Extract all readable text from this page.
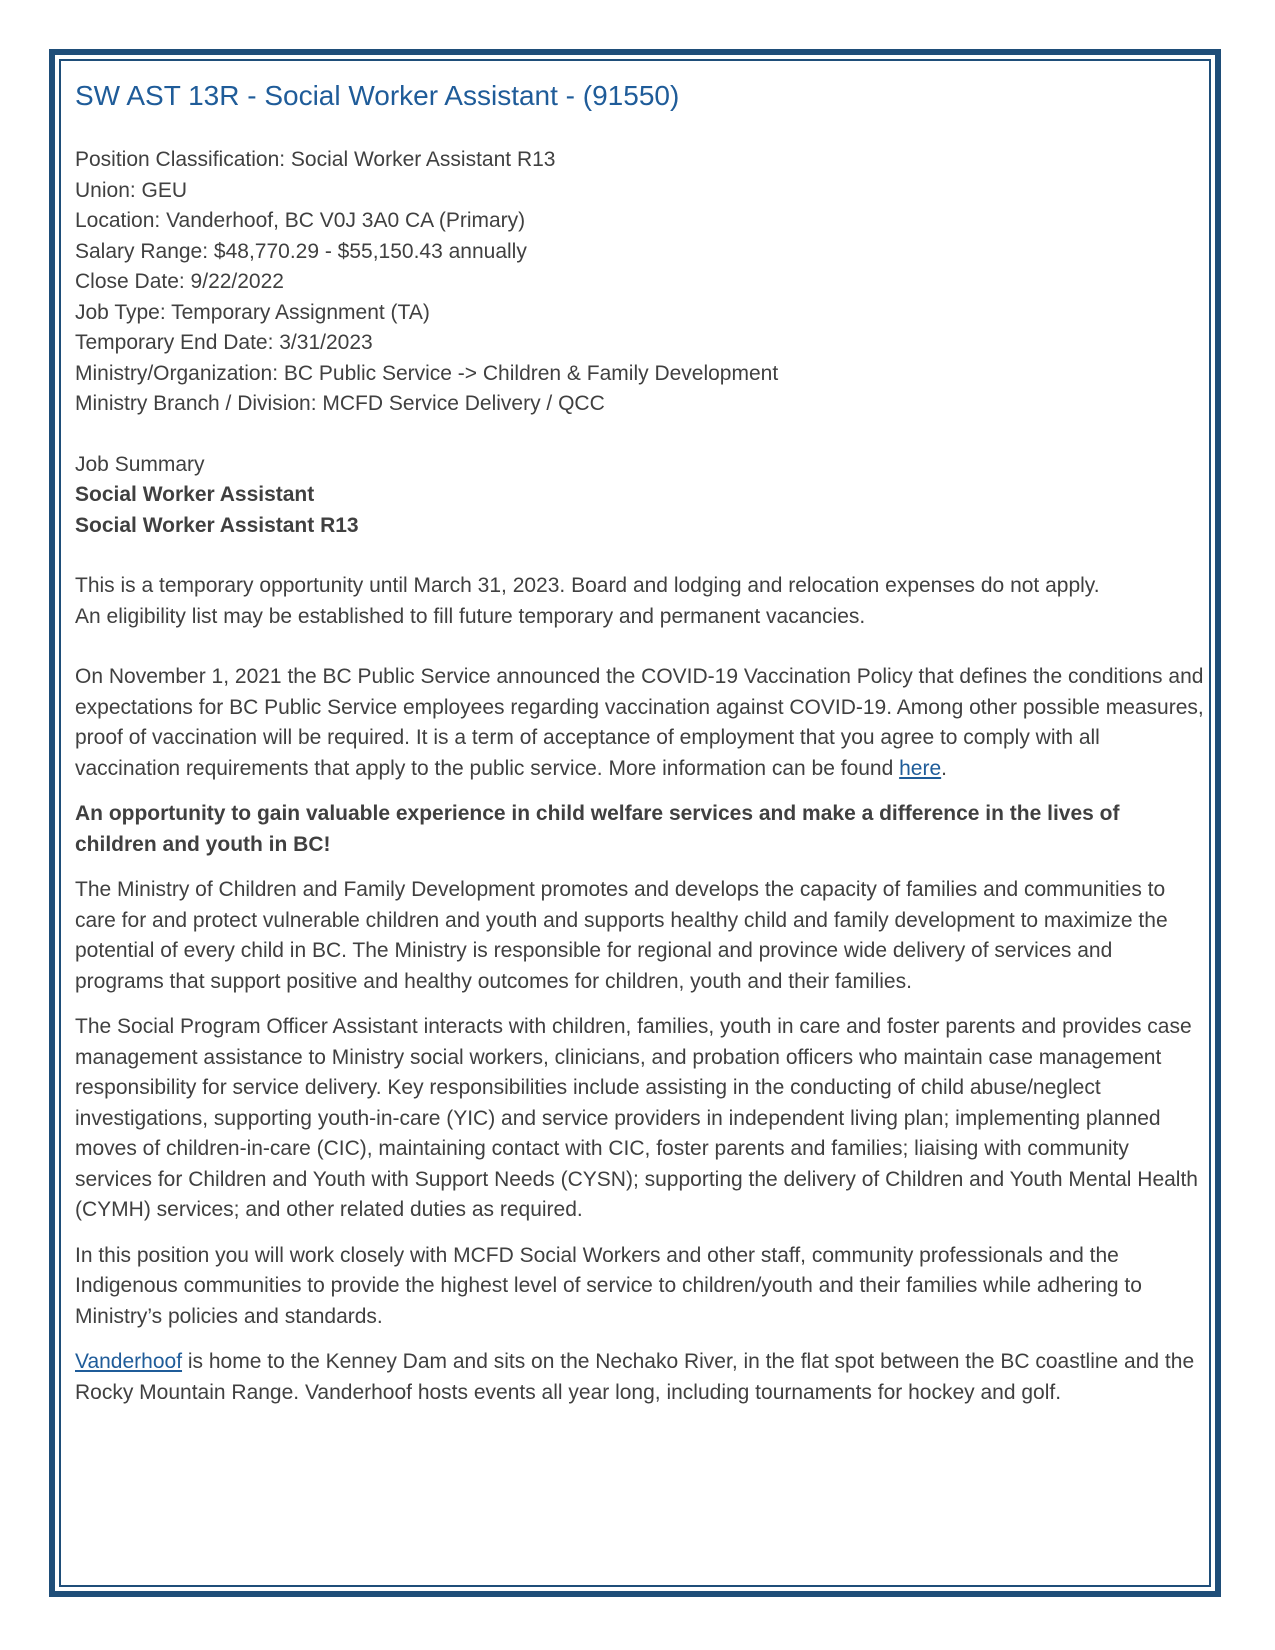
SW AST 13R - Social Worker Assistant - (91550)
Position Classification: Social Worker Assistant R13
Union: GEU
Location: Vanderhoof, BC V0J 3A0 CA (Primary)
Salary Range: $48,770.29 - $55,150.43 annually
Close Date: 9/22/2022
Job Type: Temporary Assignment (TA)
Temporary End Date: 3/31/2023
Ministry/Organization: BC Public Service -> Children & Family Development
Ministry Branch / Division: MCFD Service Delivery / QCC
Job Summary
Social Worker Assistant
Social Worker Assistant R13

This is a temporary opportunity until March 31, 2023. Board and lodging and relocation expenses do not apply.

An eligibility list may be established to fill future temporary and permanent vacancies.

On November 1, 2021 the BC Public Service announced the COVID-19 Vaccination Policy that defines the conditions and expectations for BC Public Service employees regarding vaccination against COVID-19. Among other possible measures, proof of vaccination will be required. It is a term of acceptance of employment that you agree to comply with all vaccination requirements that apply to the public service. More information can be found here.

An opportunity to gain valuable experience in child welfare services and make a difference in the lives of children and youth in BC!

The Ministry of Children and Family Development promotes and develops the capacity of families and communities to care for and protect vulnerable children and youth and supports healthy child and family development to maximize the potential of every child in BC. The Ministry is responsible for regional and province wide delivery of services and programs that support positive and healthy outcomes for children, youth and their families.

The Social Program Officer Assistant interacts with children, families, youth in care and foster parents and provides case management assistance to Ministry social workers, clinicians, and probation officers who maintain case management responsibility for service delivery. Key responsibilities include assisting in the conducting of child abuse/neglect investigations, supporting youth-in-care (YIC) and service providers in independent living plan; implementing planned moves of children-in-care (CIC), maintaining contact with CIC, foster parents and families; liaising with community services for Children and Youth with Support Needs (CYSN); supporting the delivery of Children and Youth Mental Health (CYMH) services; and other related duties as required.

In this position you will work closely with MCFD Social Workers and other staff, community professionals and the Indigenous communities to provide the highest level of service to children/youth and their families while adhering to Ministry’s policies and standards.

Vanderhoof is home to the Kenney Dam and sits on the Nechako River, in the flat spot between the BC coastline and the Rocky Mountain Range. Vanderhoof hosts events all year long, including tournaments for hockey and golf.
